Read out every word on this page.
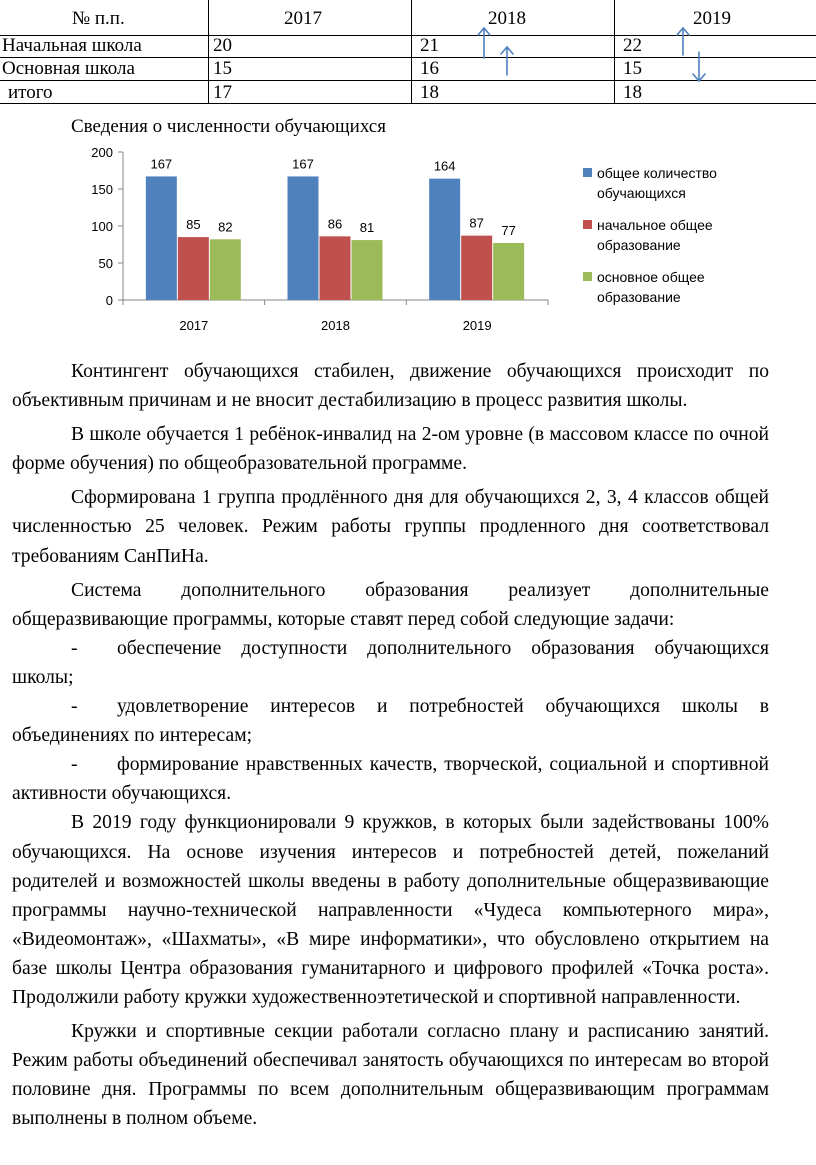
№ п.п.	2017	2018	2019
Начальная школа	20	21	22
Основная школа	15	16	15
итого	17	18	18
Сведения о численности обучающихся
0
50
100
150
200
2017	2018	2019
167
85 82
167
86 81
164
87 77
общее количество обучающихся
начальное общее образование
основное общее образование

Контингент обучающихся стабилен, движение обучающихся происходит по объективным причинам и не вносит дестабилизацию в процесс развития школы.

В школе обучается 1 ребёнок-инвалид на 2-ом уровне (в массовом классе по очной форме обучения) по общеобразовательной программе.

Сформирована 1 группа продлённого дня для обучающихся 2, 3, 4 классов общей численностью 25 человек. Режим работы группы продленного дня соответствовал требованиям СанПиНа.

Система дополнительного образования реализует дополнительные общеразвивающие программы, которые ставят перед собой следующие задачи:

- обеспечение доступности дополнительного образования обучающихся школы;

- удовлетворение интересов и потребностей обучающихся школы в объединениях по интересам;

- формирование нравственных качеств, творческой, социальной и спортивной активности обучающихся.

В 2019 году функционировали 9 кружков, в которых были задействованы 100% обучающихся. На основе изучения интересов и потребностей детей, пожеланий родителей и возможностей школы введены в работу дополнительные общеразвивающие программы научно-технической направленности «Чудеса компьютерного мира», «Видеомонтаж», «Шахматы», «В мире информатики», что обусловлено открытием на базе школы Центра образования гуманитарного и цифрового профилей «Точка роста». Продолжили работу кружки художественноэтетической и спортивной направленности.

Кружки и спортивные секции работали согласно плану и расписанию занятий. Режим работы объединений обеспечивал занятость обучающихся по интересам во второй половине дня. Программы по всем дополнительным общеразвивающим программам выполнены в полном объеме.
